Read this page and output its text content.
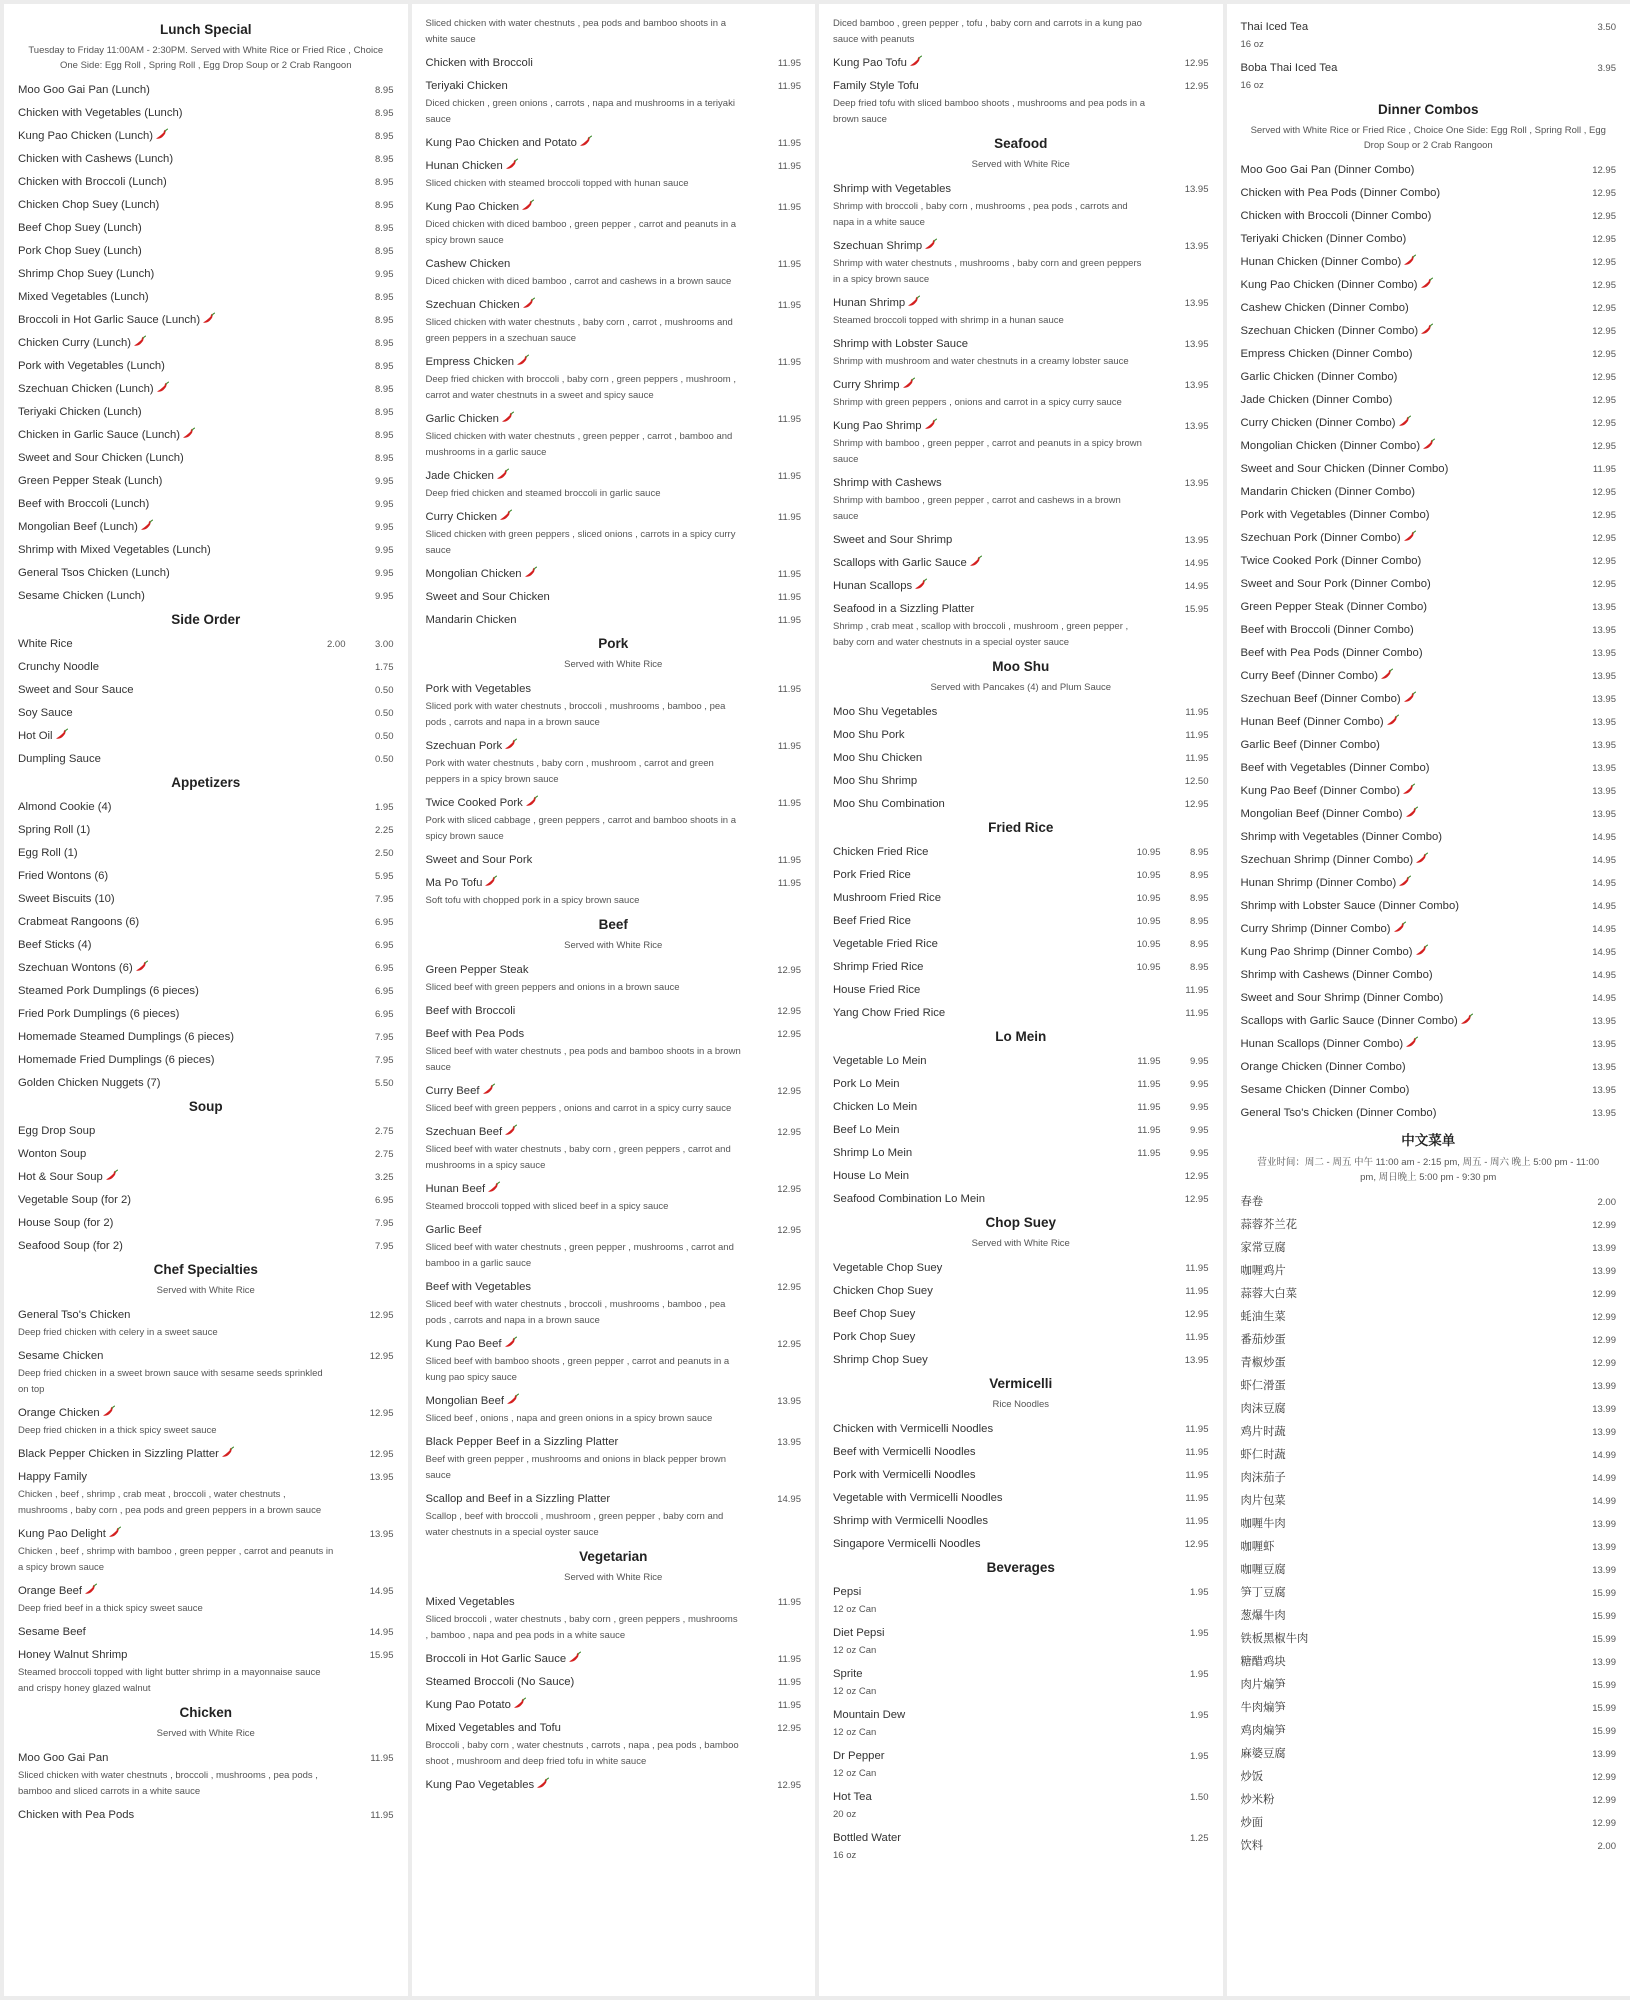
Lunch Special
Tuesday to Friday 11:00AM - 2:30PM. Served with White Rice or Fried Rice , Choice One Side: Egg Roll , Spring Roll , Egg Drop Soup or 2 Crab Rangoon
Moo Goo Gai Pan (Lunch)	8.95
Chicken with Vegetables (Lunch)	8.95
Kung Pao Chicken (Lunch)	8.95
Chicken with Cashews (Lunch)	8.95
Chicken with Broccoli (Lunch)	8.95
Chicken Chop Suey (Lunch)	8.95
Beef Chop Suey (Lunch)	8.95
Pork Chop Suey (Lunch)	8.95
Shrimp Chop Suey (Lunch)	9.95
Mixed Vegetables (Lunch)	8.95
Broccoli in Hot Garlic Sauce (Lunch)	8.95
Chicken Curry (Lunch)	8.95
Pork with Vegetables (Lunch)	8.95
Szechuan Chicken (Lunch)	8.95
Teriyaki Chicken (Lunch)	8.95
Chicken in Garlic Sauce (Lunch)	8.95
Sweet and Sour Chicken (Lunch)	8.95
Green Pepper Steak (Lunch)	9.95
Beef with Broccoli (Lunch)	9.95
Mongolian Beef (Lunch)	9.95
Shrimp with Mixed Vegetables (Lunch)	9.95
General Tsos Chicken (Lunch)	9.95
Sesame Chicken (Lunch)	9.95
Side Order
White Rice	2.00	3.00
Crunchy Noodle	1.75
Sweet and Sour Sauce	0.50
Soy Sauce	0.50
Hot Oil	0.50
Dumpling Sauce	0.50
Appetizers
Almond Cookie (4)	1.95
Spring Roll (1)	2.25
Egg Roll (1)	2.50
Fried Wontons (6)	5.95
Sweet Biscuits (10)	7.95
Crabmeat Rangoons (6)	6.95
Beef Sticks (4)	6.95
Szechuan Wontons (6)	6.95
Steamed Pork Dumplings (6 pieces)	6.95
Fried Pork Dumplings (6 pieces)	6.95
Homemade Steamed Dumplings (6 pieces)	7.95
Homemade Fried Dumplings (6 pieces)	7.95
Golden Chicken Nuggets (7)	5.50
Soup
Egg Drop Soup	2.75
Wonton Soup	2.75
Hot & Sour Soup	3.25
Vegetable Soup (for 2)	6.95
House Soup (for 2)	7.95
Seafood Soup (for 2)	7.95
Chef Specialties
Served with White Rice
General Tso's Chicken	12.95
Deep fried chicken with celery in a sweet sauce
Sesame Chicken	12.95
Deep fried chicken in a sweet brown sauce with sesame seeds sprinkled on top
Orange Chicken	12.95
Deep fried chicken in a thick spicy sweet sauce
Black Pepper Chicken in Sizzling Platter	12.95
Happy Family	13.95
Chicken , beef , shrimp , crab meat , broccoli , water chestnuts , mushrooms , baby corn , pea pods and green peppers in a brown sauce
Kung Pao Delight	13.95
Chicken , beef , shrimp with bamboo , green pepper , carrot and peanuts in a spicy brown sauce
Orange Beef	14.95
Deep fried beef in a thick spicy sweet sauce
Sesame Beef	14.95
Honey Walnut Shrimp	15.95
Steamed broccoli topped with light butter shrimp in a mayonnaise sauce and crispy honey glazed walnut
Chicken
Served with White Rice
Moo Goo Gai Pan	11.95
Sliced chicken with water chestnuts , broccoli , mushrooms , pea pods , bamboo and sliced carrots in a white sauce
Chicken with Pea Pods	11.95
Sliced chicken with water chestnuts , pea pods and bamboo shoots in a white sauce
Chicken with Broccoli	11.95
Teriyaki Chicken	11.95
Diced chicken , green onions , carrots , napa and mushrooms in a teriyaki sauce
Kung Pao Chicken and Potato	11.95
Hunan Chicken	11.95
Sliced chicken with steamed broccoli topped with hunan sauce
Kung Pao Chicken	11.95
Diced chicken with diced bamboo , green pepper , carrot and peanuts in a spicy brown sauce
Cashew Chicken	11.95
Diced chicken with diced bamboo , carrot and cashews in a brown sauce
Szechuan Chicken	11.95
Sliced chicken with water chestnuts , baby corn , carrot , mushrooms and green peppers in a szechuan sauce
Empress Chicken	11.95
Deep fried chicken with broccoli , baby corn , green peppers , mushroom , carrot and water chestnuts in a sweet and spicy sauce
Garlic Chicken	11.95
Sliced chicken with water chestnuts , green pepper , carrot , bamboo and mushrooms in a garlic sauce
Jade Chicken	11.95
Deep fried chicken and steamed broccoli in garlic sauce
Curry Chicken	11.95
Sliced chicken with green peppers , sliced onions , carrots in a spicy curry sauce
Mongolian Chicken	11.95
Sweet and Sour Chicken	11.95
Mandarin Chicken	11.95
Pork
Served with White Rice
Pork with Vegetables	11.95
Sliced pork with water chestnuts , broccoli , mushrooms , bamboo , pea pods , carrots and napa in a brown sauce
Szechuan Pork	11.95
Pork with water chestnuts , baby corn , mushroom , carrot and green peppers in a spicy brown sauce
Twice Cooked Pork	11.95
Pork with sliced cabbage , green peppers , carrot and bamboo shoots in a spicy brown sauce
Sweet and Sour Pork	11.95
Ma Po Tofu	11.95
Soft tofu with chopped pork in a spicy brown sauce
Beef
Served with White Rice
Green Pepper Steak	12.95
Sliced beef with green peppers and onions in a brown sauce
Beef with Broccoli	12.95
Beef with Pea Pods	12.95
Sliced beef with water chestnuts , pea pods and bamboo shoots in a brown sauce
Curry Beef	12.95
Sliced beef with green peppers , onions and carrot in a spicy curry sauce
Szechuan Beef	12.95
Sliced beef with water chestnuts , baby corn , green peppers , carrot and mushrooms in a spicy sauce
Hunan Beef	12.95
Steamed broccoli topped with sliced beef in a spicy sauce
Garlic Beef	12.95
Sliced beef with water chestnuts , green pepper , mushrooms , carrot and bamboo in a garlic sauce
Beef with Vegetables	12.95
Sliced beef with water chestnuts , broccoli , mushrooms , bamboo , pea pods , carrots and napa in a brown sauce
Kung Pao Beef	12.95
Sliced beef with bamboo shoots , green pepper , carrot and peanuts in a kung pao spicy sauce
Mongolian Beef	13.95
Sliced beef , onions , napa and green onions in a spicy brown sauce
Black Pepper Beef in a Sizzling Platter	13.95
Beef with green pepper , mushrooms and onions in black pepper brown sauce
Scallop and Beef in a Sizzling Platter	14.95
Scallop , beef with broccoli , mushroom , green pepper , baby corn and water chestnuts in a special oyster sauce
Vegetarian
Served with White Rice
Mixed Vegetables	11.95
Sliced broccoli , water chestnuts , baby corn , green peppers , mushrooms , bamboo , napa and pea pods in a white sauce
Broccoli in Hot Garlic Sauce	11.95
Steamed Broccoli (No Sauce)	11.95
Kung Pao Potato	11.95
Mixed Vegetables and Tofu	12.95
Broccoli , baby corn , water chestnuts , carrots , napa , pea pods , bamboo shoot , mushroom and deep fried tofu in white sauce
Kung Pao Vegetables	12.95
Diced bamboo , green pepper , tofu , baby corn and carrots in a kung pao sauce with peanuts
Kung Pao Tofu	12.95
Family Style Tofu	12.95
Deep fried tofu with sliced bamboo shoots , mushrooms and pea pods in a brown sauce
Seafood
Served with White Rice
Shrimp with Vegetables	13.95
Shrimp with broccoli , baby corn , mushrooms , pea pods , carrots and napa in a white sauce
Szechuan Shrimp	13.95
Shrimp with water chestnuts , mushrooms , baby corn and green peppers in a spicy brown sauce
Hunan Shrimp	13.95
Steamed broccoli topped with shrimp in a hunan sauce
Shrimp with Lobster Sauce	13.95
Shrimp with mushroom and water chestnuts in a creamy lobster sauce
Curry Shrimp	13.95
Shrimp with green peppers , onions and carrot in a spicy curry sauce
Kung Pao Shrimp	13.95
Shrimp with bamboo , green pepper , carrot and peanuts in a spicy brown sauce
Shrimp with Cashews	13.95
Shrimp with bamboo , green pepper , carrot and cashews in a brown sauce
Sweet and Sour Shrimp	13.95
Scallops with Garlic Sauce	14.95
Hunan Scallops	14.95
Seafood in a Sizzling Platter	15.95
Shrimp , crab meat , scallop with broccoli , mushroom , green pepper , baby corn and water chestnuts in a special oyster sauce
Moo Shu
Served with Pancakes (4) and Plum Sauce
Moo Shu Vegetables	11.95
Moo Shu Pork	11.95
Moo Shu Chicken	11.95
Moo Shu Shrimp	12.50
Moo Shu Combination	12.95
Fried Rice
Chicken Fried Rice	10.95	8.95
Pork Fried Rice	10.95	8.95
Mushroom Fried Rice	10.95	8.95
Beef Fried Rice	10.95	8.95
Vegetable Fried Rice	10.95	8.95
Shrimp Fried Rice	10.95	8.95
House Fried Rice	11.95
Yang Chow Fried Rice	11.95
Lo Mein
Vegetable Lo Mein	11.95	9.95
Pork Lo Mein	11.95	9.95
Chicken Lo Mein	11.95	9.95
Beef Lo Mein	11.95	9.95
Shrimp Lo Mein	11.95	9.95
House Lo Mein	12.95
Seafood Combination Lo Mein	12.95
Chop Suey
Served with White Rice
Vegetable Chop Suey	11.95
Chicken Chop Suey	11.95
Beef Chop Suey	12.95
Pork Chop Suey	11.95
Shrimp Chop Suey	13.95
Vermicelli
Rice Noodles
Chicken with Vermicelli Noodles	11.95
Beef with Vermicelli Noodles	11.95
Pork with Vermicelli Noodles	11.95
Vegetable with Vermicelli Noodles	11.95
Shrimp with Vermicelli Noodles	11.95
Singapore Vermicelli Noodles	12.95
Beverages
Pepsi	1.95
12 oz Can
Diet Pepsi	1.95
12 oz Can
Sprite	1.95
12 oz Can
Mountain Dew	1.95
12 oz Can
Dr Pepper	1.95
12 oz Can
Hot Tea	1.50
20 oz
Bottled Water	1.25
16 oz
Thai Iced Tea	3.50
16 oz
Boba Thai Iced Tea	3.95
16 oz
Dinner Combos
Served with White Rice or Fried Rice , Choice One Side: Egg Roll , Spring Roll , Egg Drop Soup or 2 Crab Rangoon
Moo Goo Gai Pan (Dinner Combo)	12.95
Chicken with Pea Pods (Dinner Combo)	12.95
Chicken with Broccoli (Dinner Combo)	12.95
Teriyaki Chicken (Dinner Combo)	12.95
Hunan Chicken (Dinner Combo)	12.95
Kung Pao Chicken (Dinner Combo)	12.95
Cashew Chicken (Dinner Combo)	12.95
Szechuan Chicken (Dinner Combo)	12.95
Empress Chicken (Dinner Combo)	12.95
Garlic Chicken (Dinner Combo)	12.95
Jade Chicken (Dinner Combo)	12.95
Curry Chicken (Dinner Combo)	12.95
Mongolian Chicken (Dinner Combo)	12.95
Sweet and Sour Chicken (Dinner Combo)	11.95
Mandarin Chicken (Dinner Combo)	12.95
Pork with Vegetables (Dinner Combo)	12.95
Szechuan Pork (Dinner Combo)	12.95
Twice Cooked Pork (Dinner Combo)	12.95
Sweet and Sour Pork (Dinner Combo)	12.95
Green Pepper Steak (Dinner Combo)	13.95
Beef with Broccoli (Dinner Combo)	13.95
Beef with Pea Pods (Dinner Combo)	13.95
Curry Beef (Dinner Combo)	13.95
Szechuan Beef (Dinner Combo)	13.95
Hunan Beef (Dinner Combo)	13.95
Garlic Beef (Dinner Combo)	13.95
Beef with Vegetables (Dinner Combo)	13.95
Kung Pao Beef (Dinner Combo)	13.95
Mongolian Beef (Dinner Combo)	13.95
Shrimp with Vegetables (Dinner Combo)	14.95
Szechuan Shrimp (Dinner Combo)	14.95
Hunan Shrimp (Dinner Combo)	14.95
Shrimp with Lobster Sauce (Dinner Combo)	14.95
Curry Shrimp (Dinner Combo)	14.95
Kung Pao Shrimp (Dinner Combo)	14.95
Shrimp with Cashews (Dinner Combo)	14.95
Sweet and Sour Shrimp (Dinner Combo)	14.95
Scallops with Garlic Sauce (Dinner Combo)	13.95
Hunan Scallops (Dinner Combo)	13.95
Orange Chicken (Dinner Combo)	13.95
Sesame Chicken (Dinner Combo)	13.95
General Tso's Chicken (Dinner Combo)	13.95
中文菜单
营业时间：周二 - 周五 中午 11:00 am - 2:15 pm, 周五 - 周六 晚上 5:00 pm - 11:00 pm, 周日晚上 5:00 pm - 9:30 pm
春卷	2.00
蒜蓉芥兰花	12.99
家常豆腐	13.99
咖喱鸡片	13.99
蒜蓉大白菜	12.99
蚝油生菜	12.99
番茄炒蛋	12.99
青椒炒蛋	12.99
虾仁滑蛋	13.99
肉沫豆腐	13.99
鸡片时蔬	13.99
虾仁时蔬	14.99
肉沫茄子	14.99
肉片包菜	14.99
咖喱牛肉	13.99
咖喱虾	13.99
咖喱豆腐	13.99
笋丁豆腐	15.99
葱爆牛肉	15.99
铁板黑椒牛肉	15.99
糖醋鸡块	13.99
肉片煸笋	15.99
牛肉煸笋	15.99
鸡肉煸笋	15.99
麻婆豆腐	13.99
炒饭	12.99
炒米粉	12.99
炒面	12.99
饮料	2.00
